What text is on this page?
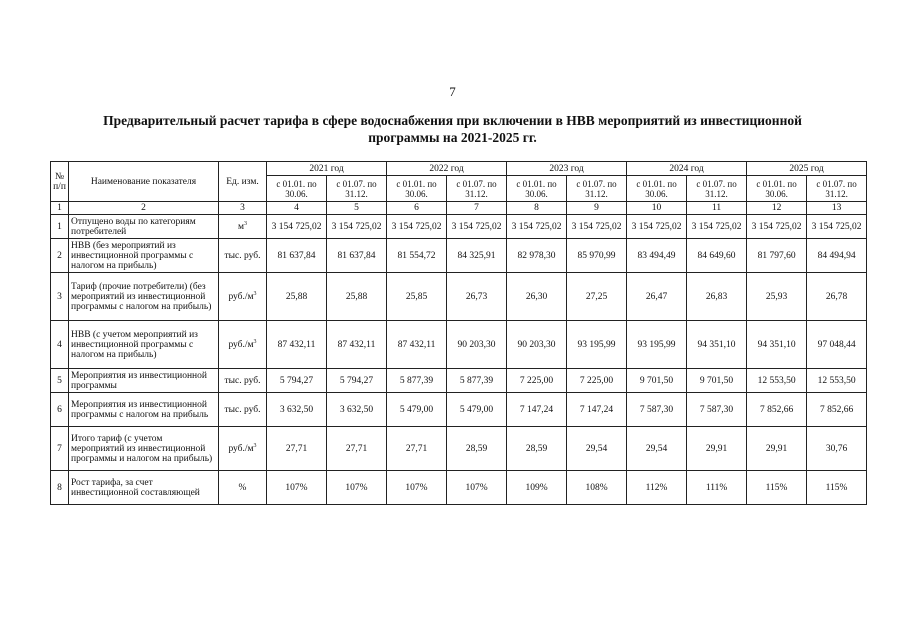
7
Предварительный расчет тарифа в сфере водоснабжения при включении в НВВ мероприятий из инвестиционной
программы на 2021-2025 гг.
№ п/п	Наименование показателя	Ед. изм.	2021 год		2022 год		2023 год		2024 год		2025 год	
			с 01.01. по 30.06.	с 01.07. по 31.12.	с 01.01. по 30.06.	с 01.07. по 31.12.	с 01.01. по 30.06.	с 01.07. по 31.12.	с 01.01. по 30.06.	с 01.07. по 31.12.	с 01.01. по 30.06.	с 01.07. по 31.12.
1	2	3	4	5	6	7	8	9	10	11	12	13
1	Отпущено воды по категориям потребителей	$м^3$	3 154 725,02	3 154 725,02	3 154 725,02	3 154 725,02	3 154 725,02	3 154 725,02	3 154 725,02	3 154 725,02	3 154 725,02	3 154 725,02
2	НВВ (без мероприятий из инвестиционной программы с налогом на прибыль)	тыс. руб.	81 637,84	81 637,84	81 554,72	84 325,91	82 978,30	85 970,99	83 494,49	84 649,60	81 797,60	84 494,94
3	Тариф (прочие потребители) (без мероприятий из инвестиционной программы с налогом на прибыль)	$руб./м^3$	25,88	25,88	25,85	26,73	26,30	27,25	26,47	26,83	25,93	26,78
4	НВВ (с учетом мероприятий из инвестиционной программы с налогом на прибыль)	$руб./м^3$	87 432,11	87 432,11	87 432,11	90 203,30	90 203,30	93 195,99	93 195,99	94 351,10	94 351,10	97 048,44
5	Мероприятия из инвестиционной программы	тыс. руб.	5 794,27	5 794,27	5 877,39	5 877,39	7 225,00	7 225,00	9 701,50	9 701,50	12 553,50	12 553,50
6	Мероприятия из инвестиционной программы с налогом на прибыль	тыс. руб.	3 632,50	3 632,50	5 479,00	5 479,00	7 147,24	7 147,24	7 587,30	7 587,30	7 852,66	7 852,66
7	Итого тариф (с учетом мероприятий из инвестиционной программы и налогом на прибыль)	$руб./м^3$	27,71	27,71	27,71	28,59	28,59	29,54	29,54	29,91	29,91	30,76
8	Рост тарифа, за счет инвестиционной составляющей	%	107%	107%	107%	107%	109%	108%	112%	111%	115%	115%
